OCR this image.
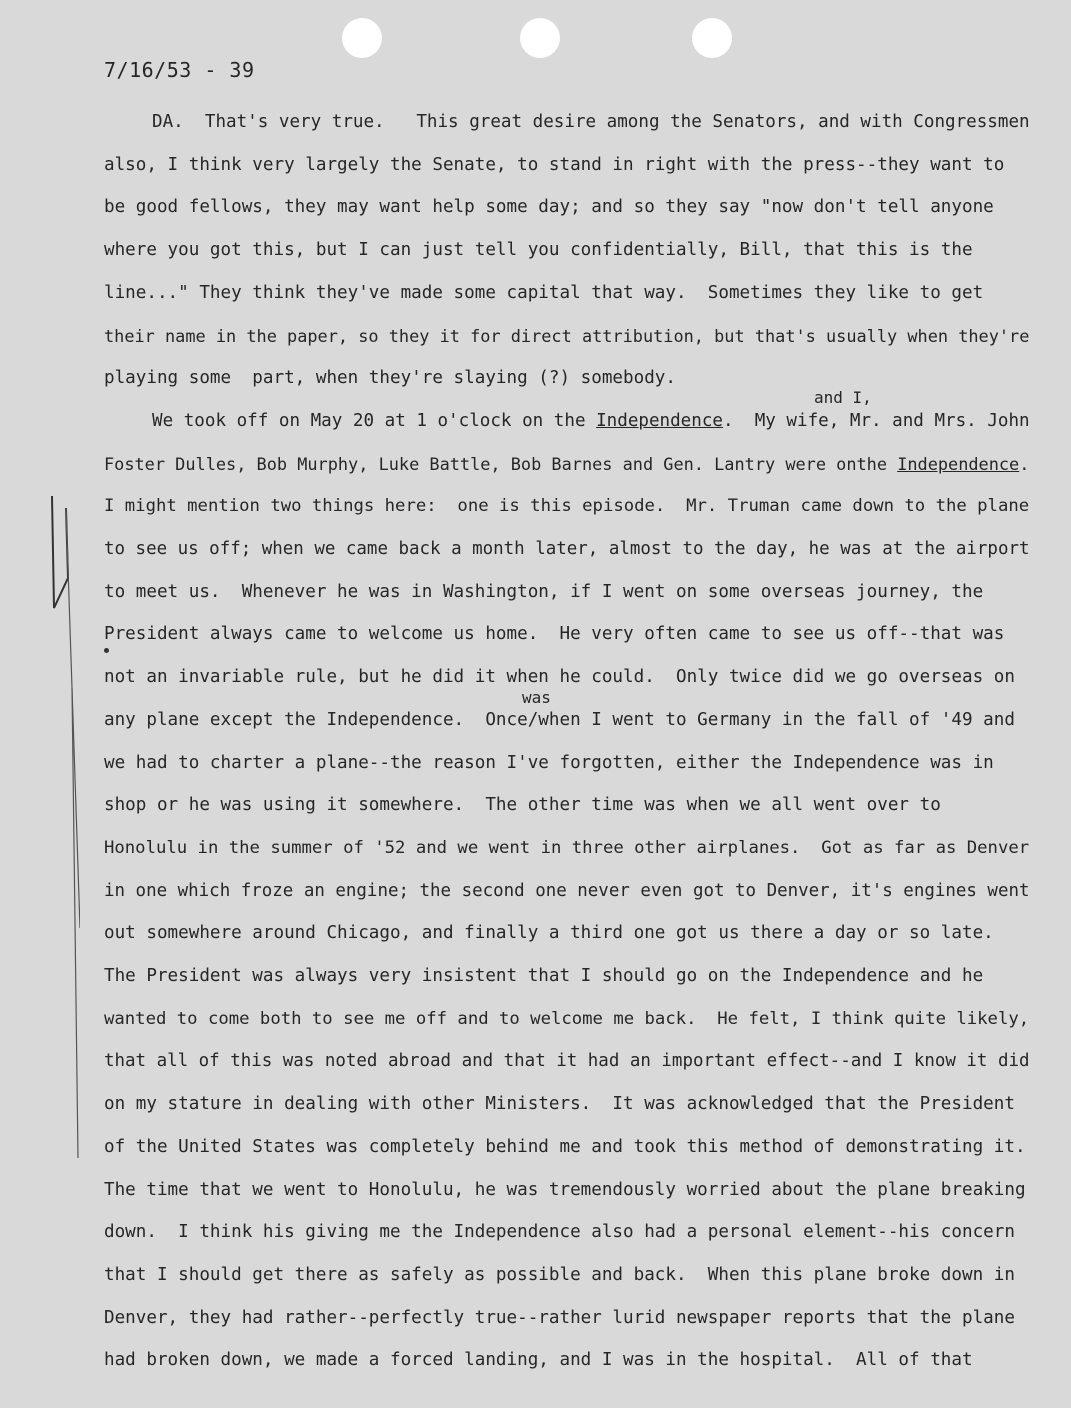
7/16/53 - 39
and I,
was
DA.  That's very true.   This great desire among the Senators, and with Congressmen
also, I think very largely the Senate, to stand in right with the press--they want to
be good fellows, they may want help some day; and so they say "now don't tell anyone
where you got this, but I can just tell you confidentially, Bill, that this is the
line..." They think they've made some capital that way.  Sometimes they like to get
their name in the paper, so they it for direct attribution, but that's usually when they're
playing some  part, when they're slaying (?) somebody.
We took off on May 20 at 1 o'clock on the Independence.  My wife, Mr. and Mrs. John
Foster Dulles, Bob Murphy, Luke Battle, Bob Barnes and Gen. Lantry were onthe Independence.
I might mention two things here:  one is this episode.  Mr. Truman came down to the plane
to see us off; when we came back a month later, almost to the day, he was at the airport
to meet us.  Whenever he was in Washington, if I went on some overseas journey, the
President always came to welcome us home.  He very often came to see us off--that was
not an invariable rule, but he did it when he could.  Only twice did we go overseas on
any plane except the Independence.  Once/when I went to Germany in the fall of '49 and
we had to charter a plane--the reason I've forgotten, either the Independence was in
shop or he was using it somewhere.  The other time was when we all went over to
Honolulu in the summer of '52 and we went in three other airplanes.  Got as far as Denver
in one which froze an engine; the second one never even got to Denver, it's engines went
out somewhere around Chicago, and finally a third one got us there a day or so late.
The President was always very insistent that I should go on the Independence and he
wanted to come both to see me off and to welcome me back.  He felt, I think quite likely,
that all of this was noted abroad and that it had an important effect--and I know it did
on my stature in dealing with other Ministers.  It was acknowledged that the President
of the United States was completely behind me and took this method of demonstrating it.
The time that we went to Honolulu, he was tremendously worried about the plane breaking
down.  I think his giving me the Independence also had a personal element--his concern
that I should get there as safely as possible and back.  When this plane broke down in
Denver, they had rather--perfectly true--rather lurid newspaper reports that the plane
had broken down, we made a forced landing, and I was in the hospital.  All of that
